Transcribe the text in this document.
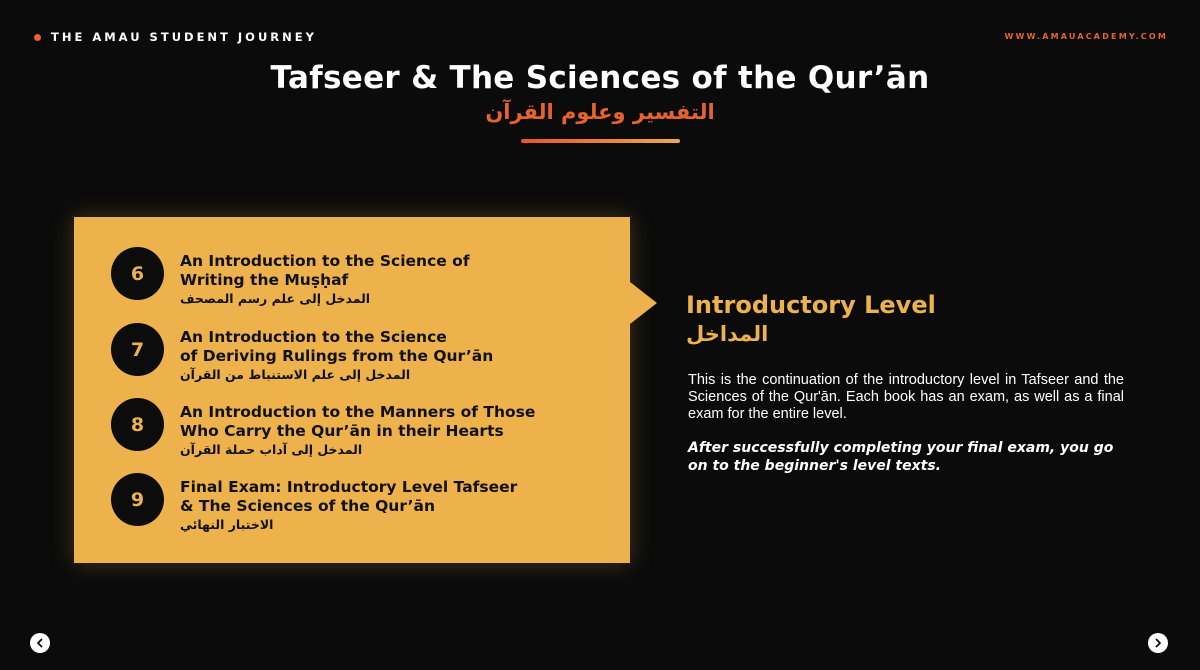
THE AMAU STUDENT JOURNEY	WWW.AMAUACADEMY.COM
Tafseer & The Sciences of the Qur’ān
التفسير وعلوم القرآن
6
An Introduction to the Science of
Writing the Muṣḥaf
المدخل إلى علم رسم المصحف
7
An Introduction to the Science
of Deriving Rulings from the Qur’ān
المدخل إلى علم الاستنباط من القرآن
8
An Introduction to the Manners of Those
Who Carry the Qur’ān in their Hearts
المدخل إلى آداب حملة القرآن
9
Final Exam: Introductory Level Tafseer
& The Sciences of the Qur’ān
الاختبار النهائي
Introductory Level
المداخل

This is the continuation of the introductory level in Tafseer and the Sciences of the Qur'ān. Each book has an exam, as well as a final exam for the entire level.

After successfully completing your final exam, you go on to the beginner's level texts.
